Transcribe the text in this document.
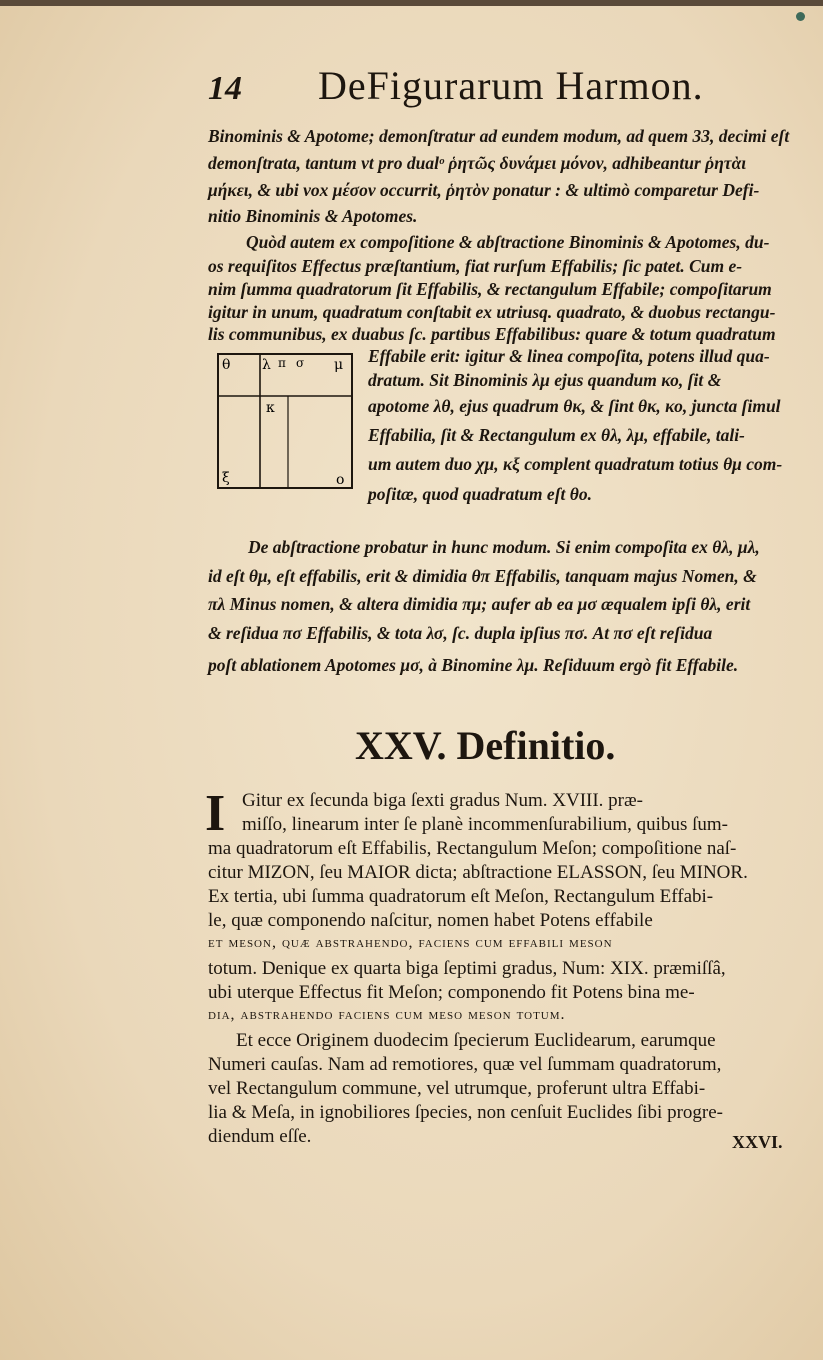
14 DeFigurarum Harmon.
Binominis & Apotome; demonſtratur ad eundem modum, ad quem 33, decimi eſt
demonſtrata, tantum vt pro dualᵒ ῥητῶς δυνάμει μόνον, adhibeantur ῥητὰι
μήκει, & ubi vox μέσον occurrit, ῥητὸν ponatur : & ultimò comparetur Defi-
nitio Binominis & Apotomes.
Quòd autem ex compoſitione & abſtractione Binominis & Apotomes, du-
os requiſitos Effectus præſtantium, fiat rurſum Effabilis; ſic patet. Cum e-
nim ſumma quadratorum ſit Effabilis, & rectangulum Effabile; compoſitarum
igitur in unum, quadratum conſtabit ex utriusq. quadrato, & duobus rectangu-
lis communibus, ex duabus ſc. partibus Effabilibus: quare & totum quadratum
θ λ π σ μ
κ
ξ	ο
Effabile erit: igitur & linea compoſita, potens illud qua-
dratum. Sit Binominis λμ ejus quandum κο, ſit &
apotome λθ, ejus quadrum θκ, & ſint θκ, κο, juncta ſimul
Effabilia, ſit & Rectangulum ex θλ, λμ, effabile, tali-
um autem duo χμ, κξ complent quadratum totius θμ com-
poſitæ, quod quadratum eſt θο.
De abſtractione probatur in hunc modum. Si enim compoſita ex θλ, μλ,
id eſt θμ, eſt effabilis, erit & dimidia θπ Effabilis, tanquam majus Nomen, &
πλ Minus nomen, & altera dimidia πμ; aufer ab ea μσ æqualem ipſi θλ, erit
& reſidua πσ Effabilis, & tota λσ, ſc. dupla ipſius πσ. At πσ eſt reſidua
poſt ablationem Apotomes μσ, à Binomine λμ. Reſiduum ergò fit Effabile.
XXV. Definitio.
I Gitur ex ſecunda biga ſexti gradus Num. XVIII. præ-
miſſo, linearum inter ſe planè incommenſurabilium, quibus ſum-
ma quadratorum eſt Effabilis, Rectangulum Meſon; compoſitione naſ-
citur MIZON, ſeu MAIOR dicta; abſtractione ELASSON, ſeu MINOR.
Ex tertia, ubi ſumma quadratorum eſt Meſon, Rectangulum Effabi-
le, quæ componendo naſcitur, nomen habet Potens effabile
et meson, quæ abſtrahendo, faciens cum effabili meson
totum. Denique ex quarta biga ſeptimi gradus, Num: XIX. præmiſſâ,
ubi uterque Effectus fit Meſon; componendo fit Potens bina me-
dia, abſtrahendo faciens cum meso meson totum.
Et ecce Originem duodecim ſpecierum Euclidearum, earumque
Numeri cauſas. Nam ad remotiores, quæ vel ſummam quadratorum,
vel Rectangulum commune, vel utrumque, proferunt ultra Effabi-
lia & Meſa, in ignobiliores ſpecies, non cenſuit Euclides ſibi progre-
diendum eſſe.	XXVI.
